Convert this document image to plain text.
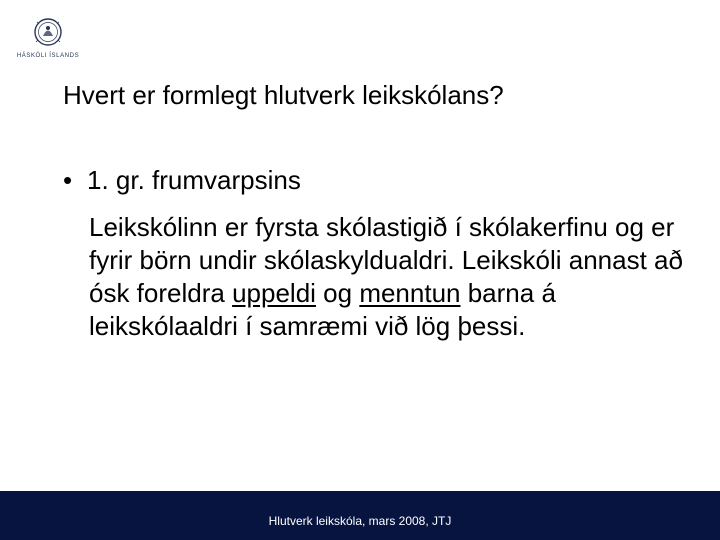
HÁSKÓLI ÍSLANDS
Hvert er formlegt hlutverk leikskólans?
• 1. gr. frumvarpsins

Leikskólinn er fyrsta skólastigið í skólakerfinu og er fyrir börn undir skólaskyldualdri. Leikskóli annast að ósk foreldra uppeldi og menntun barna á leikskólaaldri í samræmi við lög þessi.

Hlutverk leikskóla, mars 2008, JTJ
